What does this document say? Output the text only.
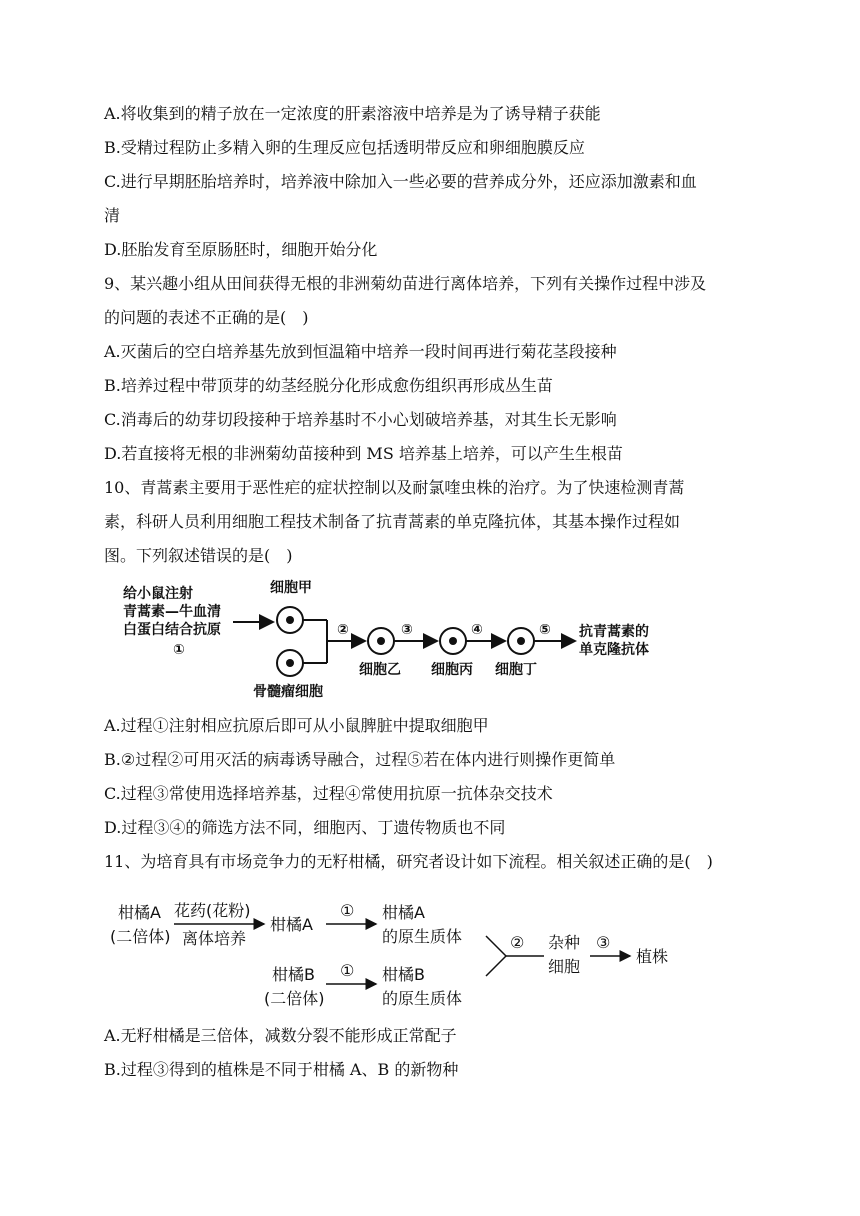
A.将收集到的精子放在一定浓度的肝素溶液中培养是为了诱导精子获能
B.受精过程防止多精入卵的生理反应包括透明带反应和卵细胞膜反应
C.进行早期胚胎培养时，培养液中除加入一些必要的营养成分外，还应添加激素和血
清
D.胚胎发育至原肠胚时，细胞开始分化
9、某兴趣小组从田间获得无根的非洲菊幼苗进行离体培养，下列有关操作过程中涉及
的问题的表述不正确的是(　)
A.灭菌后的空白培养基先放到恒温箱中培养一段时间再进行菊花茎段接种
B.培养过程中带顶芽的幼茎经脱分化形成愈伤组织再形成丛生苗
C.消毒后的幼芽切段接种于培养基时不小心划破培养基，对其生长无影响
D.若直接将无根的非洲菊幼苗接种到 MS 培养基上培养，可以产生生根苗
10、青蒿素主要用于恶性疟的症状控制以及耐氯喹虫株的治疗。为了快速检测青蒿
素，科研人员利用细胞工程技术制备了抗青蒿素的单克隆抗体，其基本操作过程如
图。下列叙述错误的是(　)
给小鼠注射
青蒿素—牛血清
白蛋白结合抗原
①
细胞甲
骨髓瘤细胞
②
细胞乙
③
细胞丙
④
细胞丁
⑤ 抗青蒿素的
单克隆抗体
A.过程①注射相应抗原后即可从小鼠脾脏中提取细胞甲
B.②过程②可用灭活的病毒诱导融合，过程⑤若在体内进行则操作更简单
C.过程③常使用选择培养基，过程④常使用抗原一抗体杂交技术
D.过程③④的筛选方法不同，细胞丙、丁遗传物质也不同
11、为培育具有市场竞争力的无籽柑橘，研究者设计如下流程。相关叙述正确的是(　)
柑橘A
(二倍体)
花药(花粉)
离体培养
柑橘A
① 柑橘A
的原生质体
柑橘B
(二倍体)
① 柑橘B
的原生质体
② 杂种
细胞
③
植株
A.无籽柑橘是三倍体，减数分裂不能形成正常配子
B.过程③得到的植株是不同于柑橘 A、B 的新物种
